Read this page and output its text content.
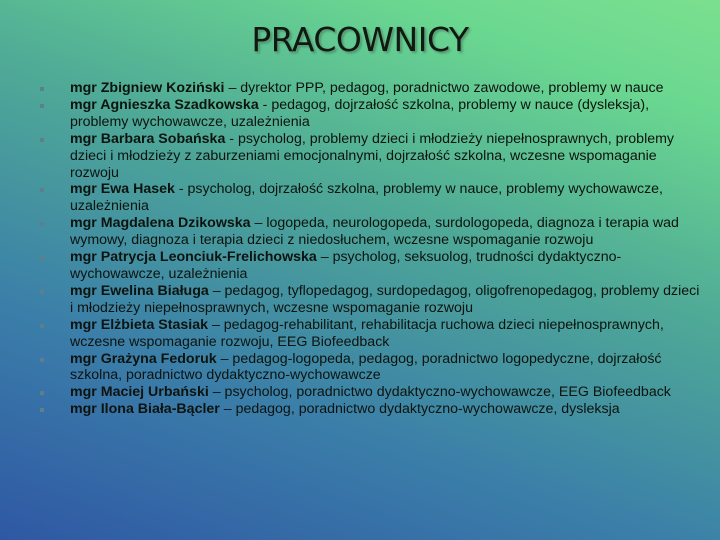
PRACOWNICY
mgr Zbigniew Koziński – dyrektor PPP, pedagog, poradnictwo zawodowe, problemy w nauce
mgr Agnieszka Szadkowska - pedagog, dojrzałość szkolna, problemy w nauce (dysleksja), problemy wychowawcze, uzależnienia
mgr Barbara Sobańska - psycholog, problemy dzieci i młodzieży niepełnosprawnych, problemy dzieci i młodzieży z zaburzeniami emocjonalnymi, dojrzałość szkolna, wczesne wspomaganie rozwoju
mgr Ewa Hasek - psycholog, dojrzałość szkolna, problemy w nauce, problemy wychowawcze, uzależnienia
mgr Magdalena Dzikowska – logopeda, neurologopeda, surdologopeda, diagnoza i terapia wad wymowy, diagnoza i terapia dzieci z niedosłuchem, wczesne wspomaganie rozwoju
mgr Patrycja Leonciuk-Frelichowska – psycholog, seksuolog, trudności dydaktyczno-wychowawcze, uzależnienia
mgr Ewelina Białuga – pedagog, tyflopedagog, surdopedagog, oligofrenopedagog, problemy dzieci i młodzieży niepełnosprawnych, wczesne wspomaganie rozwoju
mgr Elżbieta Stasiak – pedagog-rehabilitant, rehabilitacja ruchowa dzieci niepełnosprawnych, wczesne wspomaganie rozwoju, EEG Biofeedback
mgr Grażyna Fedoruk – pedagog-logopeda, pedagog, poradnictwo logopedyczne, dojrzałość szkolna, poradnictwo dydaktyczno-wychowawcze
mgr Maciej Urbański – psycholog, poradnictwo dydaktyczno-wychowawcze, EEG Biofeedback
mgr Ilona Biała-Bącler – pedagog, poradnictwo dydaktyczno-wychowawcze, dysleksja
